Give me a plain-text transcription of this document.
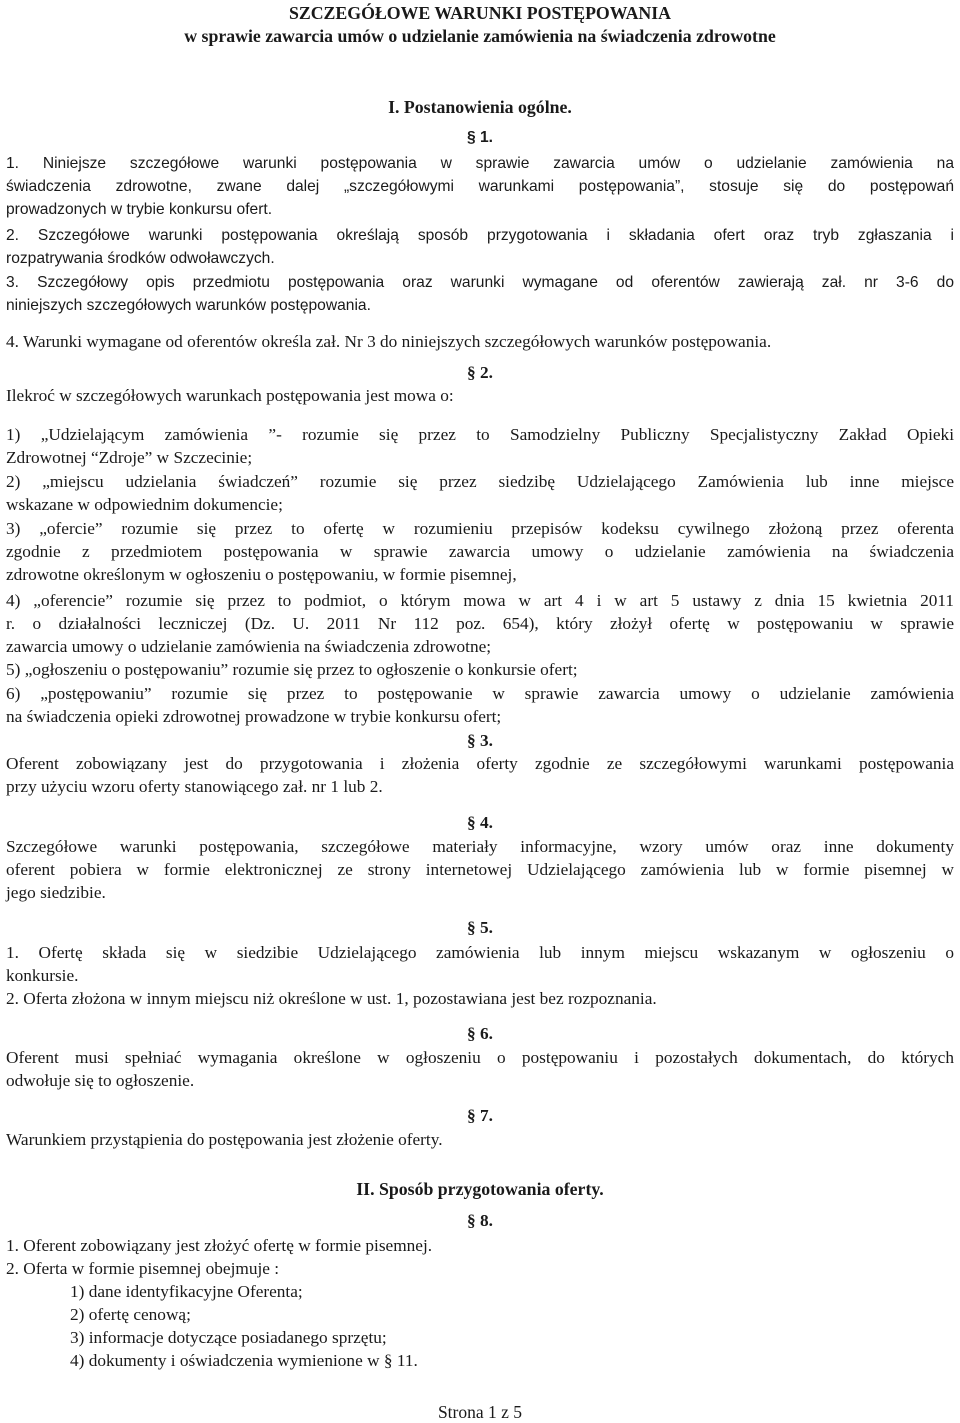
SZCZEGÓŁOWE WARUNKI POSTĘPOWANIA
w sprawie zawarcia umów o udzielanie zamówienia na świadczenia zdrowotne
I. Postanowienia ogólne.
§ 1.
1. Niniejsze szczegółowe warunki postępowania w sprawie zawarcia umów o udzielanie zamówienia na
świadczenia zdrowotne, zwane dalej „szczegółowymi warunkami postępowania”, stosuje się do postępowań
prowadzonych w trybie konkursu ofert.
2. Szczegółowe warunki postępowania określają sposób przygotowania i składania ofert oraz tryb zgłaszania i
rozpatrywania środków odwoławczych.
3. Szczegółowy opis przedmiotu postępowania oraz warunki wymagane od oferentów zawierają zał. nr 3-6 do
niniejszych szczegółowych warunków postępowania.
4. Warunki wymagane od oferentów określa zał. Nr 3 do niniejszych szczegółowych warunków postępowania.
§ 2.
Ilekroć w szczegółowych warunkach postępowania jest mowa o:
1) „Udzielającym zamówienia ”- rozumie się przez to Samodzielny Publiczny Specjalistyczny Zakład Opieki
Zdrowotnej “Zdroje” w Szczecinie;
2) „miejscu udzielania świadczeń” rozumie się przez siedzibę Udzielającego Zamówienia lub inne miejsce
wskazane w odpowiednim dokumencie;
3) „ofercie” rozumie się przez to ofertę w rozumieniu przepisów kodeksu cywilnego złożoną przez oferenta
zgodnie z przedmiotem postępowania w sprawie zawarcia umowy o udzielanie zamówienia na świadczenia
zdrowotne określonym w ogłoszeniu o postępowaniu, w formie pisemnej,
4) „oferencie” rozumie się przez to podmiot, o którym mowa w art 4 i w art 5 ustawy z dnia 15 kwietnia 2011
r. o działalności leczniczej (Dz. U. 2011 Nr 112 poz. 654), który złożył ofertę w postępowaniu w sprawie
zawarcia umowy o udzielanie zamówienia na świadczenia zdrowotne;
5) „ogłoszeniu o postępowaniu” rozumie się przez to ogłoszenie o konkursie ofert;
6) „postępowaniu” rozumie się przez to postępowanie w sprawie zawarcia umowy o udzielanie zamówienia
na świadczenia opieki zdrowotnej prowadzone w trybie konkursu ofert;
§ 3.
Oferent zobowiązany jest do przygotowania i złożenia oferty zgodnie ze szczegółowymi warunkami postępowania
przy użyciu wzoru oferty stanowiącego zał. nr 1 lub 2.
§ 4.
Szczegółowe warunki postępowania, szczegółowe materiały informacyjne, wzory umów oraz inne dokumenty
oferent pobiera w formie elektronicznej ze strony internetowej Udzielającego zamówienia lub w formie pisemnej w
jego siedzibie.
§ 5.
1. Ofertę składa się w siedzibie Udzielającego zamówienia lub innym miejscu wskazanym w ogłoszeniu o
konkursie.
2. Oferta złożona w innym miejscu niż określone w ust. 1, pozostawiana jest bez rozpoznania.
§ 6.
Oferent musi spełniać wymagania określone w ogłoszeniu o postępowaniu i pozostałych dokumentach, do których
odwołuje się to ogłoszenie.
§ 7.
Warunkiem przystąpienia do postępowania jest złożenie oferty.
II. Sposób przygotowania oferty.
§ 8.
1. Oferent zobowiązany jest złożyć ofertę w formie pisemnej.
2. Oferta w formie pisemnej obejmuje :
1) dane identyfikacyjne Oferenta;
2) ofertę cenową;
3) informacje dotyczące posiadanego sprzętu;
4) dokumenty i oświadczenia wymienione w § 11.
Strona 1 z 5
